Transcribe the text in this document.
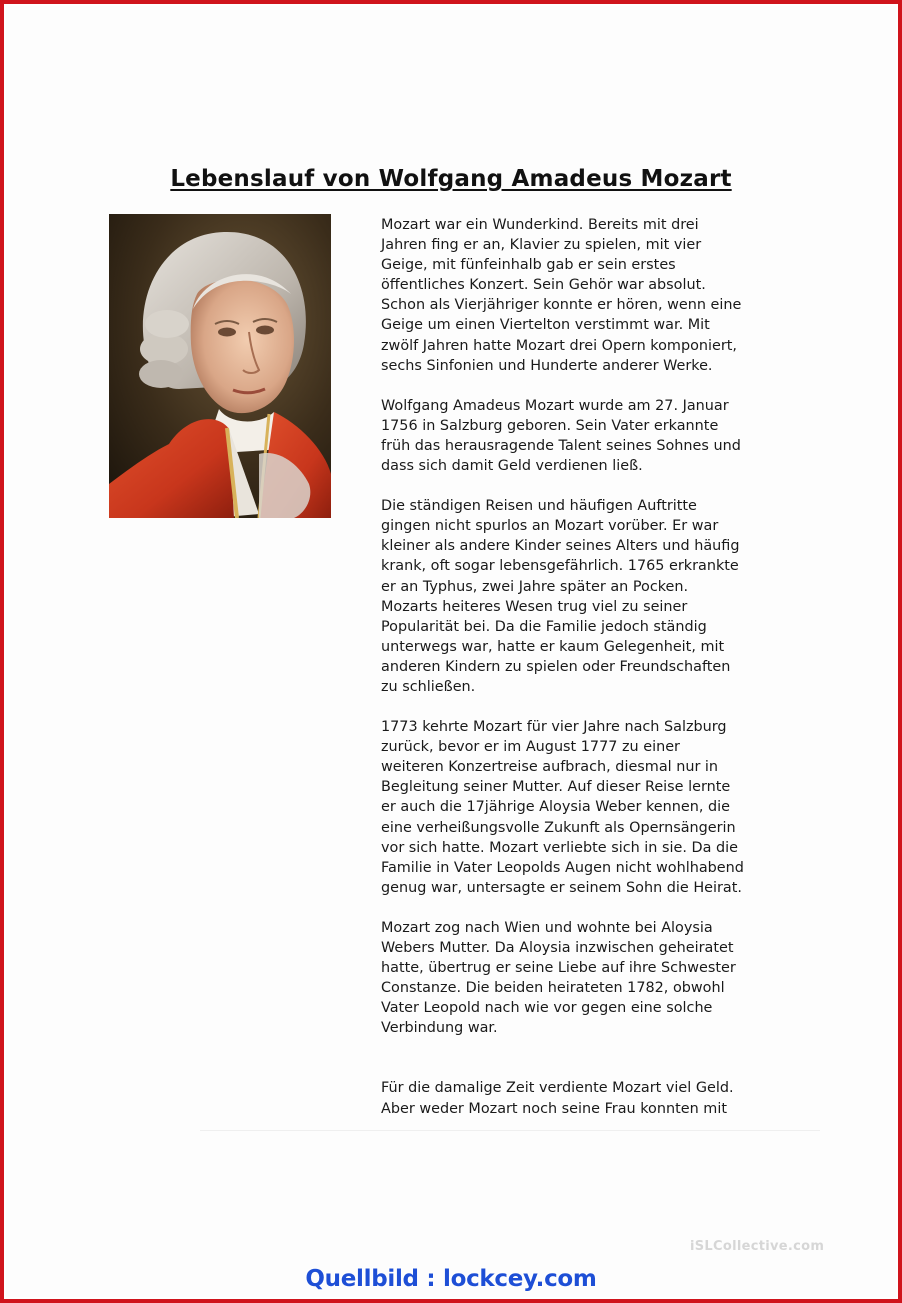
Lebenslauf von Wolfgang Amadeus Mozart

Mozart war ein Wunderkind. Bereits mit drei
Jahren fing er an, Klavier zu spielen, mit vier
Geige, mit fünfeinhalb gab er sein erstes
öffentliches Konzert. Sein Gehör war absolut.
Schon als Vierjähriger konnte er hören, wenn eine
Geige um einen Viertelton verstimmt war. Mit
zwölf Jahren hatte Mozart drei Opern komponiert,
sechs Sinfonien und Hunderte anderer Werke.

Wolfgang Amadeus Mozart wurde am 27. Januar
1756 in Salzburg geboren. Sein Vater erkannte
früh das herausragende Talent seines Sohnes und
dass sich damit Geld verdienen ließ.

Die ständigen Reisen und häufigen Auftritte
gingen nicht spurlos an Mozart vorüber. Er war
kleiner als andere Kinder seines Alters und häufig
krank, oft sogar lebensgefährlich. 1765 erkrankte
er an Typhus, zwei Jahre später an Pocken.
Mozarts heiteres Wesen trug viel zu seiner
Popularität bei. Da die Familie jedoch ständig
unterwegs war, hatte er kaum Gelegenheit, mit
anderen Kindern zu spielen oder Freundschaften
zu schließen.

1773 kehrte Mozart für vier Jahre nach Salzburg
zurück, bevor er im August 1777 zu einer
weiteren Konzertreise aufbrach, diesmal nur in
Begleitung seiner Mutter. Auf dieser Reise lernte
er auch die 17jährige Aloysia Weber kennen, die
eine verheißungsvolle Zukunft als Opernsängerin
vor sich hatte. Mozart verliebte sich in sie. Da die
Familie in Vater Leopolds Augen nicht wohlhabend
genug war, untersagte er seinem Sohn die Heirat.

Mozart zog nach Wien und wohnte bei Aloysia
Webers Mutter. Da Aloysia inzwischen geheiratet
hatte, übertrug er seine Liebe auf ihre Schwester
Constanze. Die beiden heirateten 1782, obwohl
Vater Leopold nach wie vor gegen eine solche
Verbindung war.

Für die damalige Zeit verdiente Mozart viel Geld.
Aber weder Mozart noch seine Frau konnten mit

iSLCollective.com
Quellbild : lockcey.com
